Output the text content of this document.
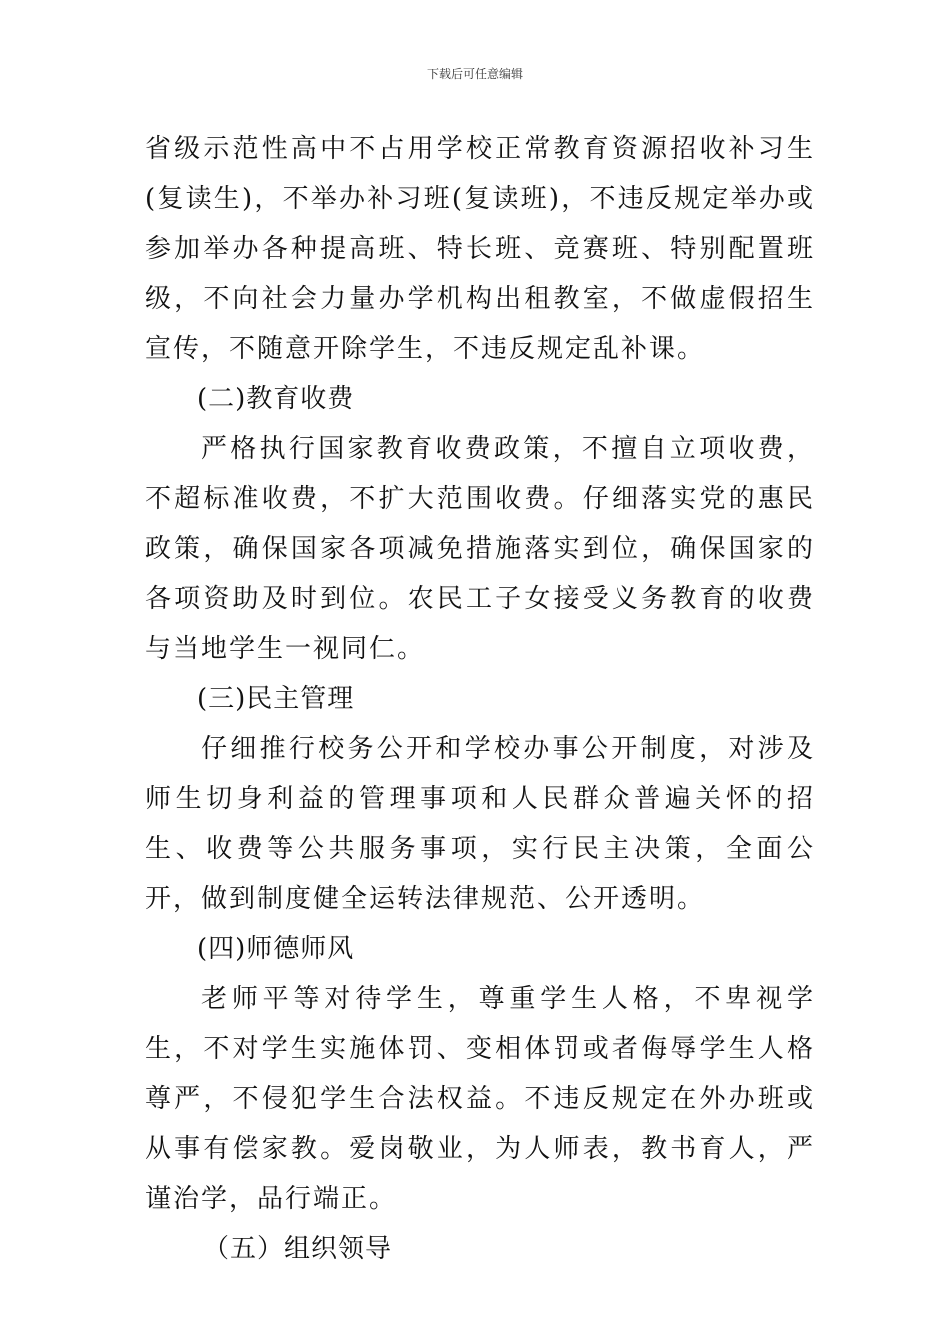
下载后可任意编辑

省级示范性高中不占用学校正常教育资源招收补习生(复读生)，不举办补习班(复读班)，不违反规定举办或参加举办各种提高班、特长班、竞赛班、特别配置班级，不向社会力量办学机构出租教室，不做虚假招生宣传，不随意开除学生，不违反规定乱补课。

(二)教育收费

严格执行国家教育收费政策，不擅自立项收费，不超标准收费，不扩大范围收费。仔细落实党的惠民政策，确保国家各项减免措施落实到位，确保国家的各项资助及时到位。农民工子女接受义务教育的收费与当地学生一视同仁。

(三)民主管理

仔细推行校务公开和学校办事公开制度，对涉及师生切身利益的管理事项和人民群众普遍关怀的招生、收费等公共服务事项，实行民主决策，全面公开，做到制度健全运转法律规范、公开透明。

(四)师德师风

老师平等对待学生，尊重学生人格，不卑视学生，不对学生实施体罚、变相体罚或者侮辱学生人格尊严，不侵犯学生合法权益。不违反规定在外办班或从事有偿家教。爱岗敬业，为人师表，教书育人，严谨治学，品行端正。

（五）组织领导
